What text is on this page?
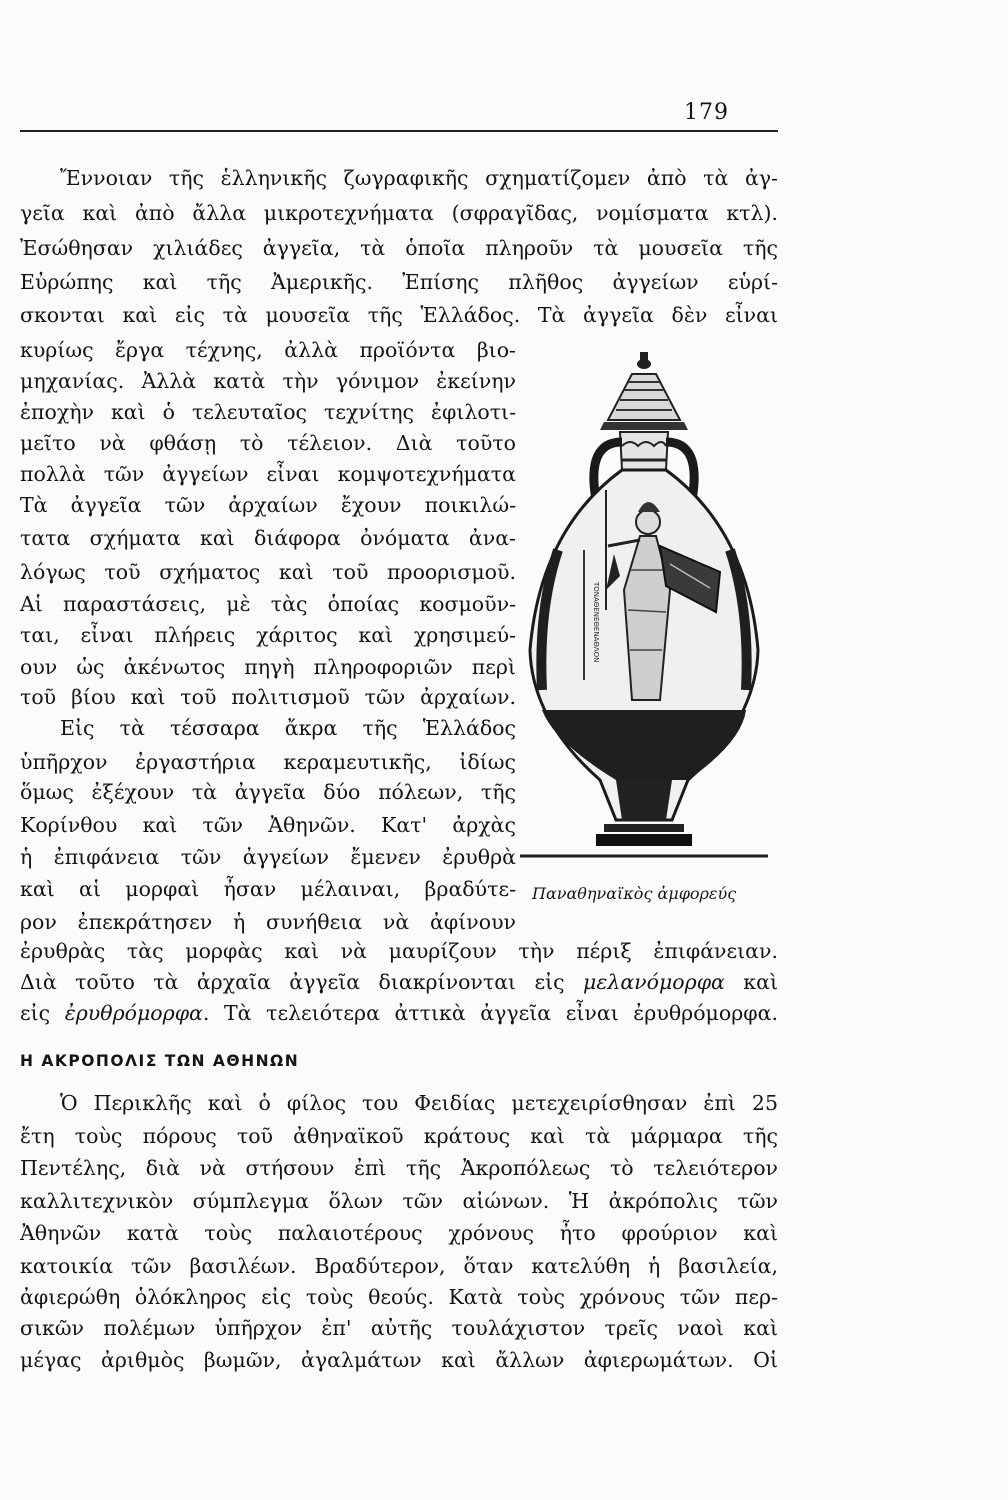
179
Ἔννοιαν τῆς ἑλληνικῆς ζωγραφικῆς σχηματίζομεν ἀπὸ τὰ ἀγ-
γεῖα καὶ ἀπὸ ἄλλα μικροτεχνήματα (σφραγῖδας, νομίσματα κτλ).
Ἐσώθησαν χιλιάδες ἀγγεῖα, τὰ ὁποῖα πληροῦν τὰ μουσεῖα τῆς
Εὐρώπης καὶ τῆς Ἀμερικῆς. Ἐπίσης πλῆθος ἀγγείων εὑρί-
σκονται καὶ εἰς τὰ μουσεῖα τῆς Ἑλλάδος. Τὰ ἀγγεῖα δὲν εἶναι
κυρίως ἔργα τέχνης, ἀλλὰ προϊόντα βιο-
μηχανίας. Ἀλλὰ κατὰ τὴν γόνιμον ἐκείνην
ἐποχὴν καὶ ὁ τελευταῖος τεχνίτης ἐφιλοτι-
μεῖτο νὰ φθάσῃ τὸ τέλειον. Διὰ τοῦτο
πολλὰ τῶν ἀγγείων εἶναι κομψοτεχνήματα
Τὰ ἀγγεῖα τῶν ἀρχαίων ἔχουν ποικιλώ-
τατα σχήματα καὶ διάφορα ὀνόματα ἀνα-
λόγως τοῦ σχήματος καὶ τοῦ προορισμοῦ.
Αἱ παραστάσεις, μὲ τὰς ὁποίας κοσμοῦν-
ται, εἶναι πλήρεις χάριτος καὶ χρησιμεύ-
ουν ὡς ἀκένωτος πηγὴ πληροφοριῶν περὶ
τοῦ βίου καὶ τοῦ πολιτισμοῦ τῶν ἀρχαίων.
Εἰς τὰ τέσσαρα ἄκρα τῆς Ἑλλάδος
ὑπῆρχον ἐργαστήρια κεραμευτικῆς, ἰδίως
ὅμως ἐξέχουν τὰ ἀγγεῖα δύο πόλεων, τῆς
Κορίνθου καὶ τῶν Ἀθηνῶν. Κατ' ἀρχὰς
ἡ ἐπιφάνεια τῶν ἀγγείων ἔμενεν ἐρυθρὰ
καὶ αἱ μορφαὶ ἦσαν μέλαιναι, βραδύτε-
ρον ἐπεκράτησεν ἡ συνήθεια νὰ ἀφίνουν
ἐρυθρὰς τὰς μορφὰς καὶ νὰ μαυρίζουν τὴν πέριξ ἐπιφάνειαν.
Διὰ τοῦτο τὰ ἀρχαῖα ἀγγεῖα διακρίνονται εἰς μελανόμορφα καὶ
εἰς ἐρυθρόμορφα. Τὰ τελειότερα ἀττικὰ ἀγγεῖα εἶναι ἐρυθρόμορφα.
ΤΟΝΑΘΕΝΕΘΕΝΑΘΛΟΝ
Παναθηναϊκὸς ἀμφορεύς
Η ΑΚΡΟΠΟΛΙΣ ΤΩΝ ΑΘΗΝΩΝ
Ὁ Περικλῆς καὶ ὁ φίλος του Φειδίας μετεχειρίσθησαν ἐπὶ 25
ἔτη τοὺς πόρους τοῦ ἀθηναϊκοῦ κράτους καὶ τὰ μάρμαρα τῆς
Πεντέλης, διὰ νὰ στήσουν ἐπὶ τῆς Ἀκροπόλεως τὸ τελειότερον
καλλιτεχνικὸν σύμπλεγμα ὅλων τῶν αἰώνων. Ἡ ἀκρόπολις τῶν
Ἀθηνῶν κατὰ τοὺς παλαιοτέρους χρόνους ἦτο φρούριον καὶ
κατοικία τῶν βασιλέων. Βραδύτερον, ὅταν κατελύθη ἡ βασιλεία,
ἀφιερώθη ὁλόκληρος εἰς τοὺς θεούς. Κατὰ τοὺς χρόνους τῶν περ-
σικῶν πολέμων ὑπῆρχον ἐπ' αὐτῆς τουλάχιστον τρεῖς ναοὶ καὶ
μέγας ἀριθμὸς βωμῶν, ἀγαλμάτων καὶ ἄλλων ἀφιερωμάτων. Οἱ
